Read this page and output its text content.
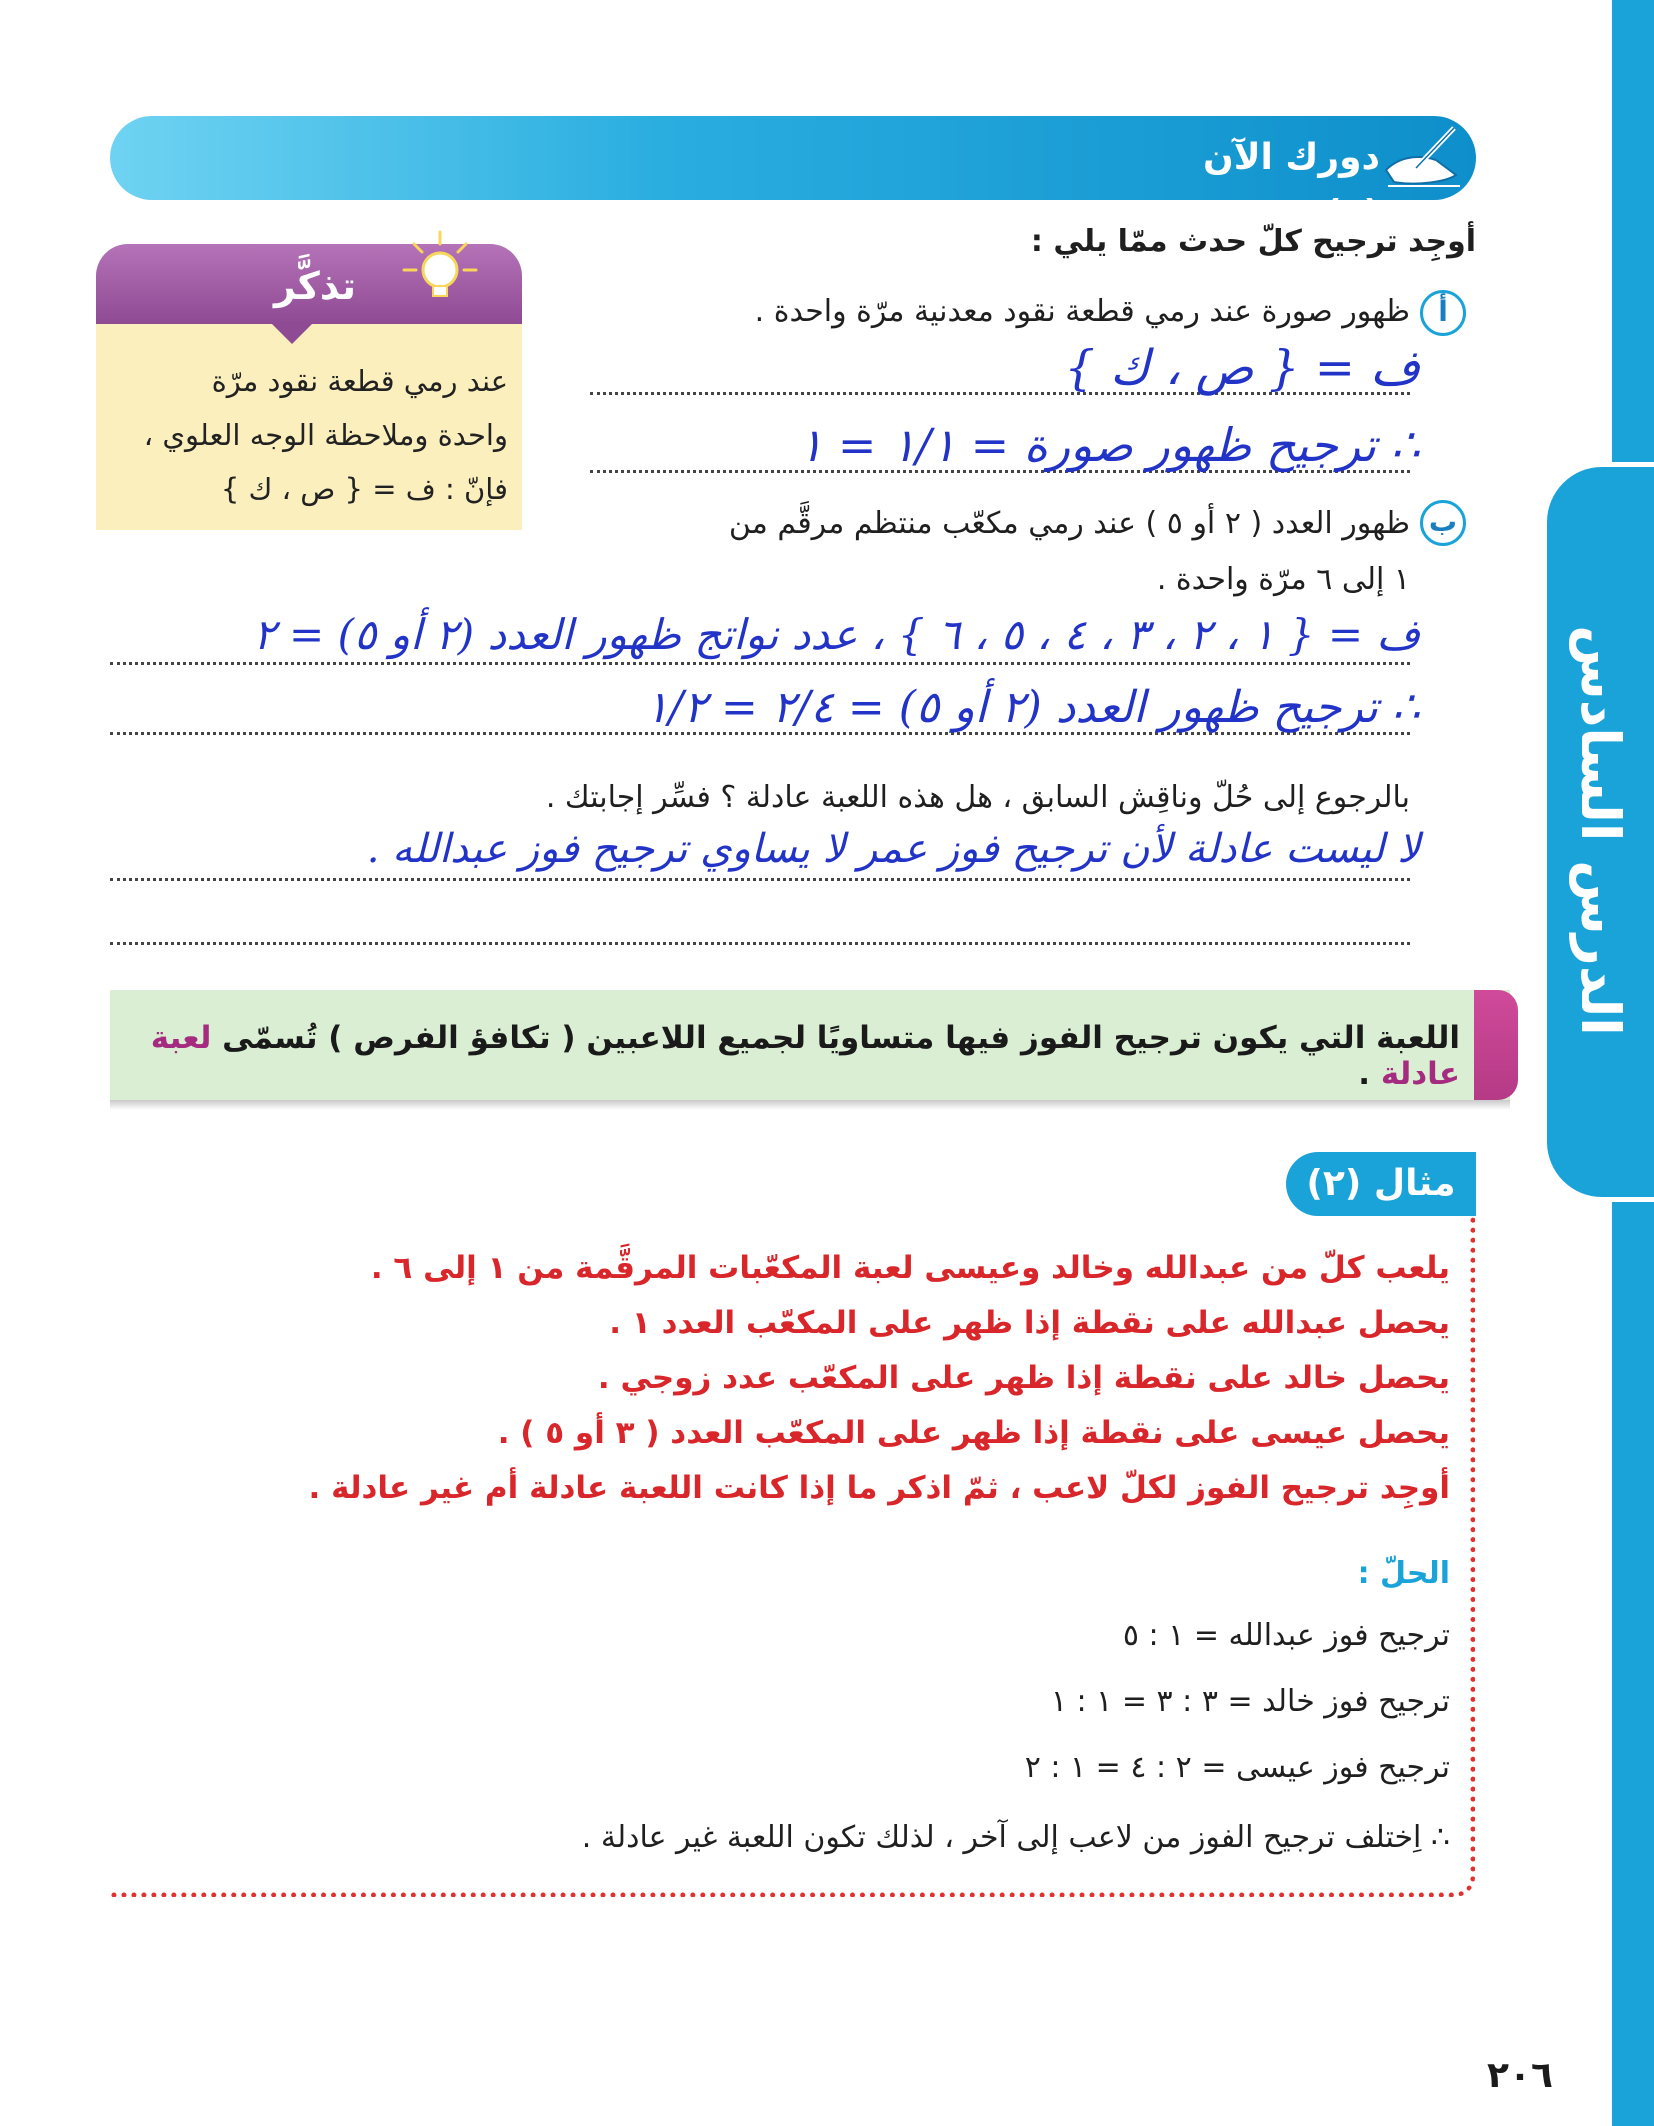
الدرس السادس
دورك الآن (٢)
تذكَّر
عند رمي قطعة نقود مرّة
واحدة وملاحظة الوجه العلوي ،
فإنّ : ف = { ص ، ك }
أوجِد ترجيح كلّ حدث ممّا يلي :
أ
ظهور صورة عند رمي قطعة نقود معدنية مرّة واحدة .
ف = { ص ، ك }
∴ ترجيح ظهور صورة = ١/١ = ١
ب
ظهور العدد ( ٢ أو ٥ ) عند رمي مكعّب منتظم مرقَّم من
١ إلى ٦ مرّة واحدة .
ف = { ١ ، ٢ ، ٣ ، ٤ ، ٥ ، ٦ } ، عدد نواتج ظهور العدد (٢ أو ٥) = ٢
∴ ترجيح ظهور العدد (٢ أو ٥) = ٢/٤ = ١/٢
بالرجوع إلى حُلّ وناقِش السابق ، هل هذه اللعبة عادلة ؟ فسِّر إجابتك .
لا ليست عادلة لأن ترجيح فوز عمر لا يساوي ترجيح فوز عبدالله .
اللعبة التي يكون ترجيح الفوز فيها متساويًا لجميع اللاعبين ( تكافؤ الفرص ) تُسمّى لعبة عادلة .
مثال (٢) :
يلعب كلّ من عبدالله وخالد وعيسى لعبة المكعّبات المرقَّمة من ١ إلى ٦ .
يحصل عبدالله على نقطة إذا ظهر على المكعّب العدد ١ .
يحصل خالد على نقطة إذا ظهر على المكعّب عدد زوجي .
يحصل عيسى على نقطة إذا ظهر على المكعّب العدد ( ٣ أو ٥ ) .
أوجِد ترجيح الفوز لكلّ لاعب ، ثمّ اذكر ما إذا كانت اللعبة عادلة أم غير عادلة .
الحلّ :
ترجيح فوز عبدالله = ١ : ٥
ترجيح فوز خالد = ٣ : ٣ = ١ : ١
ترجيح فوز عيسى = ٢ : ٤ = ١ : ٢
∴ اِختلف ترجيح الفوز من لاعب إلى آخر ، لذلك تكون اللعبة غير عادلة .
٢٠٦
